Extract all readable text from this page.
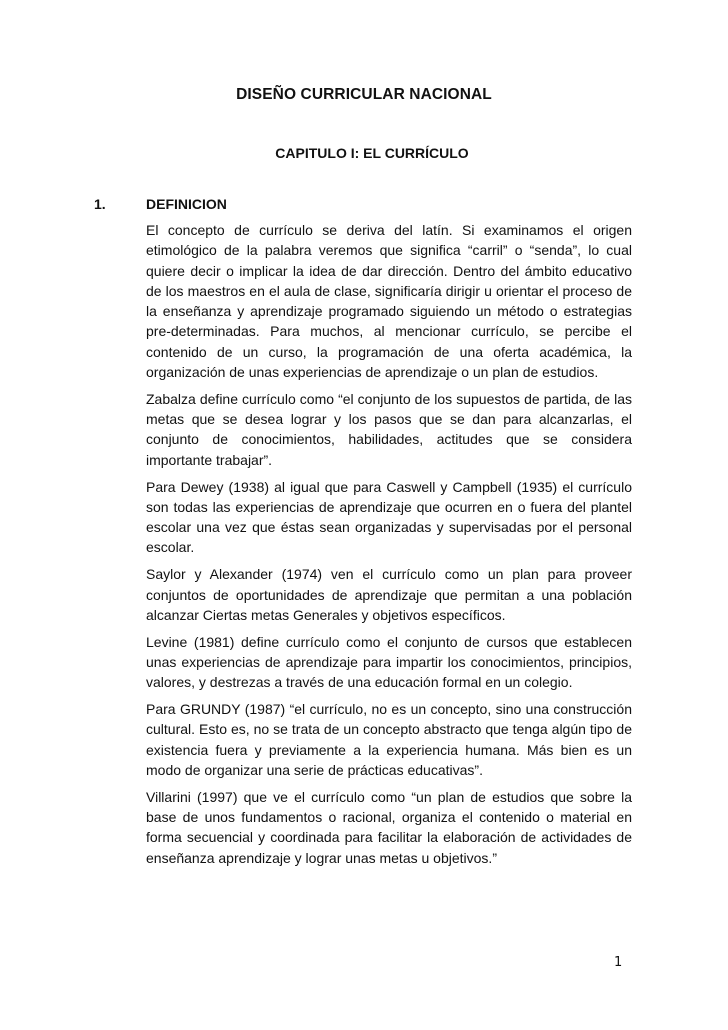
DISEÑO CURRICULAR NACIONAL
CAPITULO I: EL CURRÍCULO
1.	DEFINICION

El concepto de currículo se deriva del latín. Si examinamos el origen etimológico de la palabra veremos que significa “carril” o “senda”, lo cual quiere decir o implicar la idea de dar dirección. Dentro del ámbito educativo de los maestros en el aula de clase, significaría dirigir u orientar el proceso de la enseñanza y aprendizaje programado siguiendo un método o estrategias pre-determinadas. Para muchos, al mencionar currículo, se percibe el contenido de un curso, la programación de una oferta académica, la organización de unas experiencias de aprendizaje o un plan de estudios.

Zabalza define currículo como “el conjunto de los supuestos de partida, de las metas que se desea lograr y los pasos que se dan para alcanzarlas, el conjunto de conocimientos, habilidades, actitudes que se considera importante trabajar”.

Para Dewey (1938) al igual que para Caswell y Campbell (1935) el currículo son todas las experiencias de aprendizaje que ocurren en o fuera del plantel escolar una vez que éstas sean organizadas y supervisadas por el personal escolar.

Saylor y Alexander (1974) ven el currículo como un plan para proveer conjuntos de oportunidades de aprendizaje que permitan a una población alcanzar Ciertas metas Generales y objetivos específicos.

Levine (1981) define currículo como el conjunto de cursos que establecen unas experiencias de aprendizaje para impartir los conocimientos, principios, valores, y destrezas a través de una educación formal en un colegio.

Para GRUNDY (1987) “el currículo, no es un concepto, sino una construcción cultural. Esto es, no se trata de un concepto abstracto que tenga algún tipo de existencia fuera y previamente a la experiencia humana. Más bien es un modo de organizar una serie de prácticas educativas”.

Villarini (1997) que ve el currículo como “un plan de estudios que sobre la base de unos fundamentos o racional, organiza el contenido o material en forma secuencial y coordinada para facilitar la elaboración de actividades de enseñanza aprendizaje y lograr unas metas u objetivos.”

1
